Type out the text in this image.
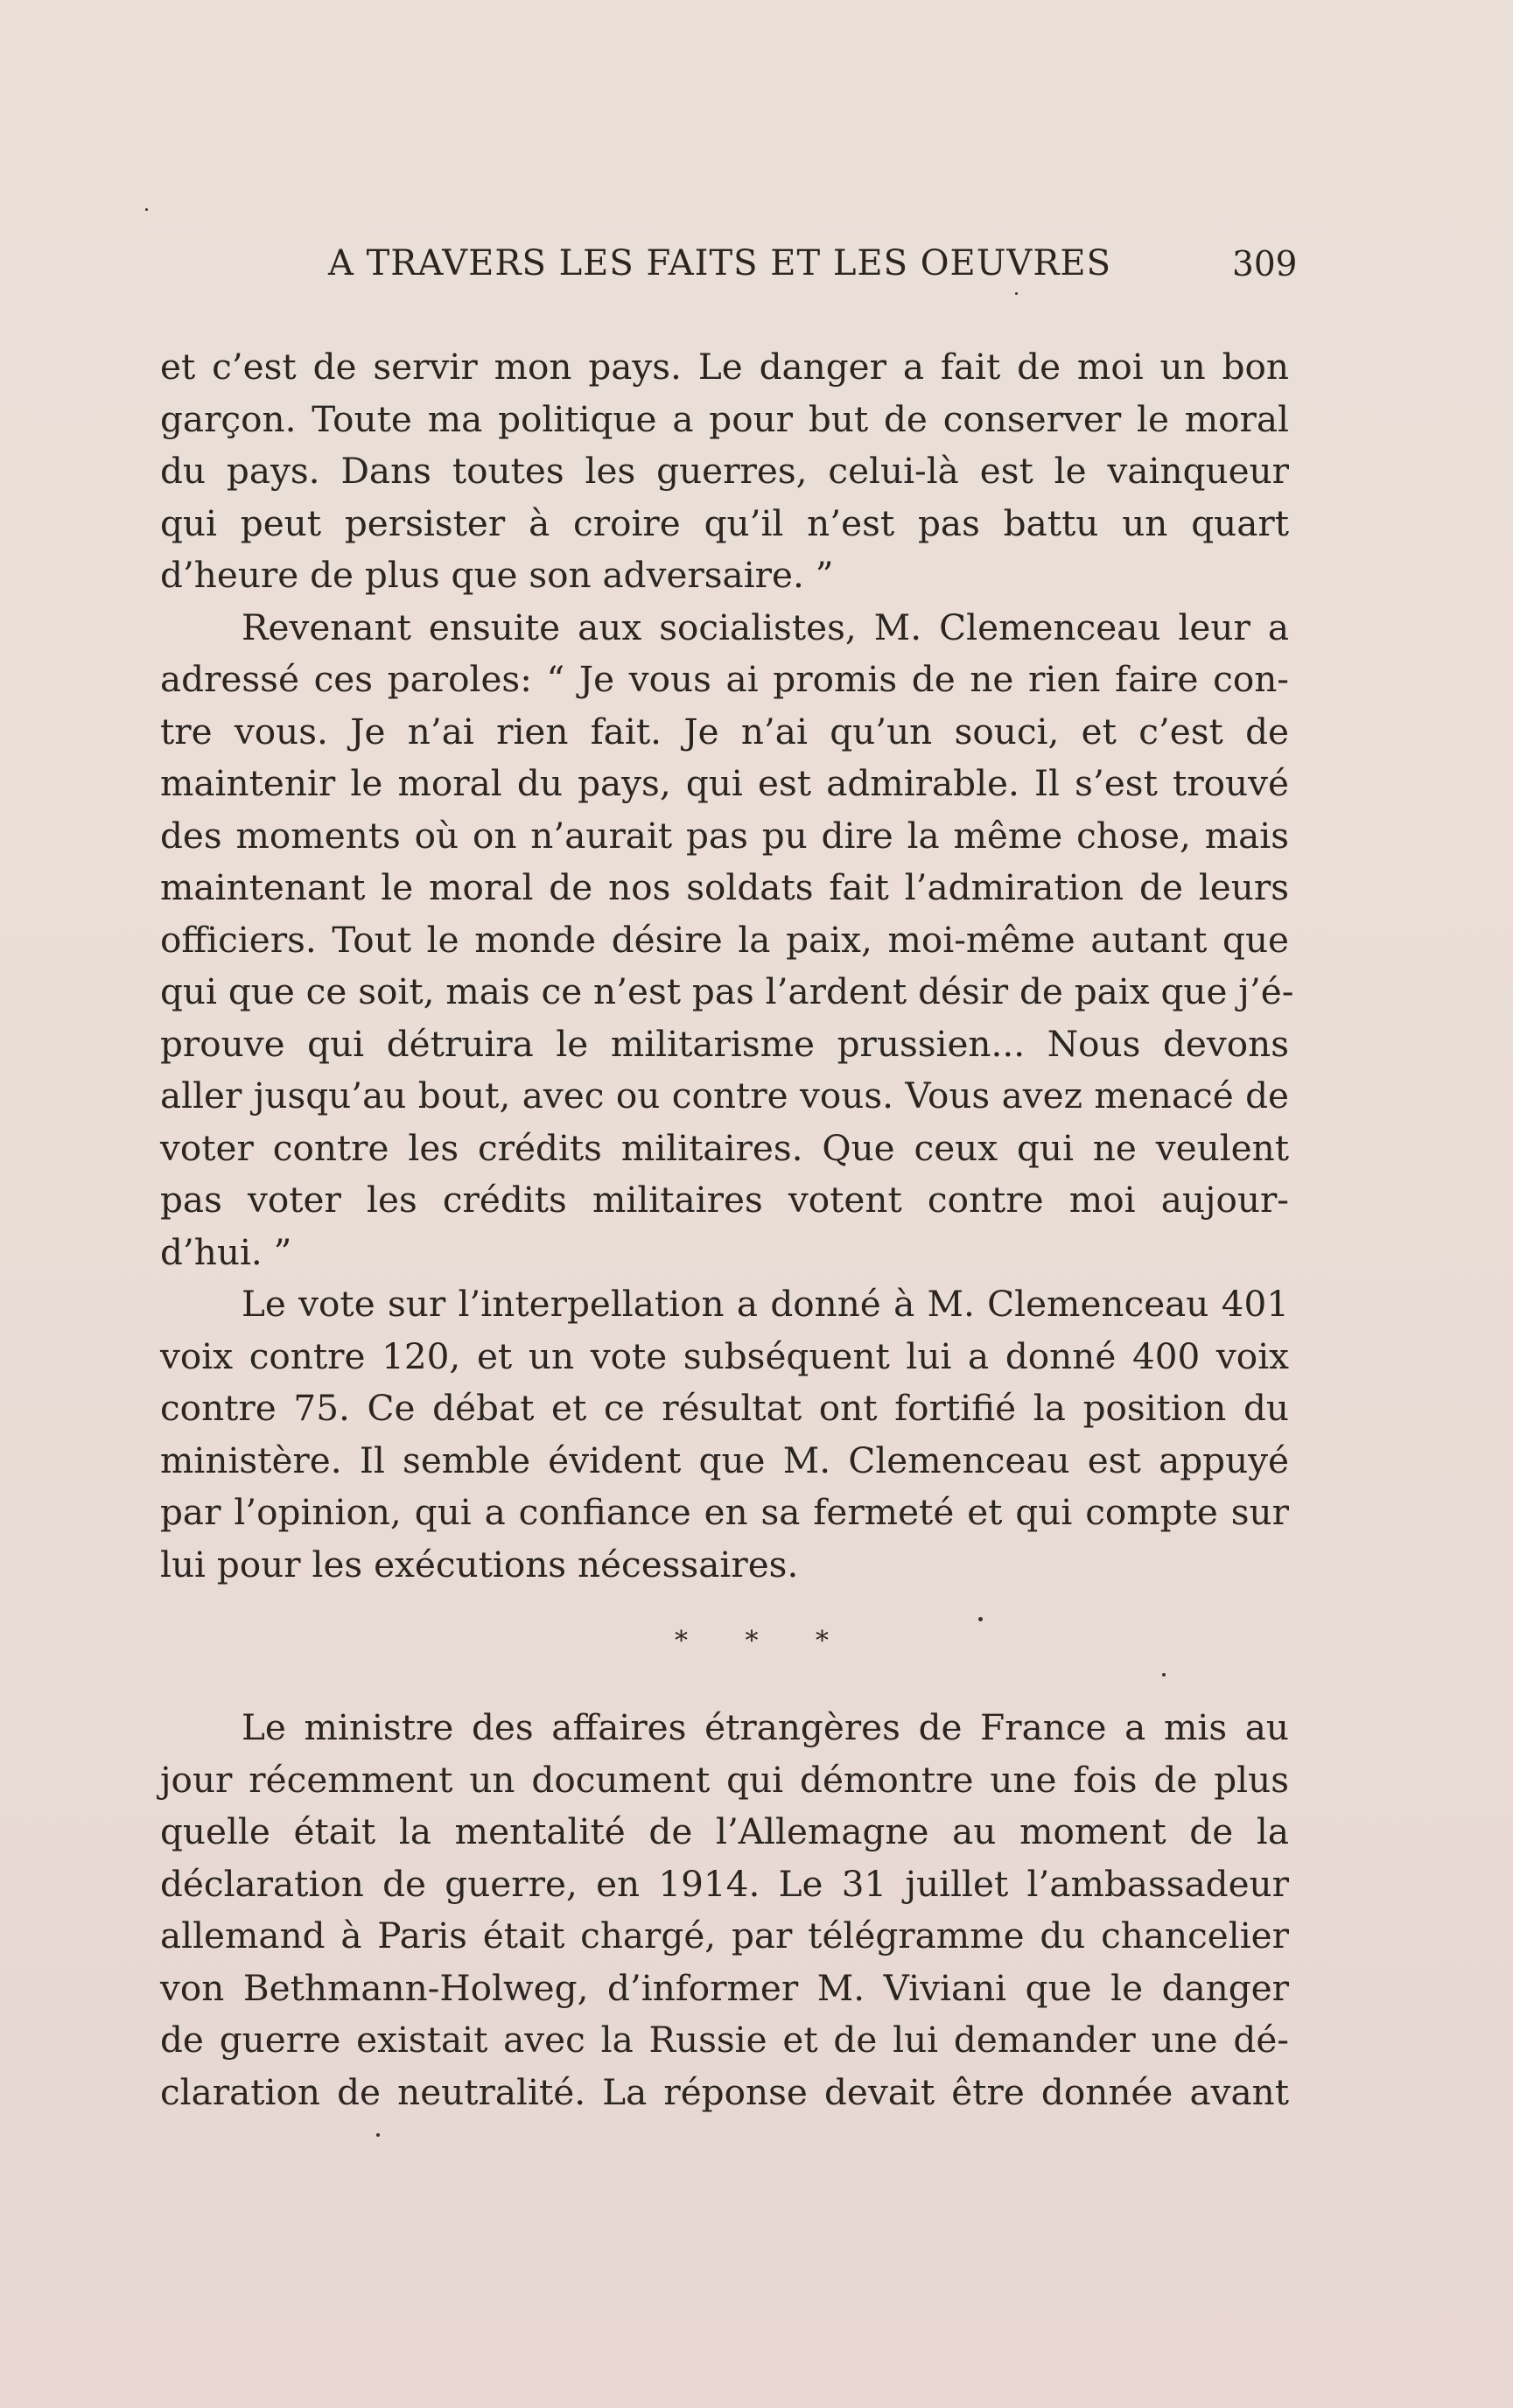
A TRAVERS LES FAITS ET LES OEUVRES	309

et c’est de servir mon pays. Le danger a fait de moi un bon
garçon. Toute ma politique a pour but de conserver le moral
du pays. Dans toutes les guerres, celui-là est le vainqueur
qui peut persister à croire qu’il n’est pas battu un quart
d’heure de plus que son adversaire. ”

Revenant ensuite aux socialistes, M. Clemenceau leur a
adressé ces paroles: “ Je vous ai promis de ne rien faire con-
tre vous. Je n’ai rien fait. Je n’ai qu’un souci, et c’est de
maintenir le moral du pays, qui est admirable. Il s’est trouvé
des moments où on n’aurait pas pu dire la même chose, mais
maintenant le moral de nos soldats fait l’admiration de leurs
officiers. Tout le monde désire la paix, moi-même autant que
qui que ce soit, mais ce n’est pas l’ardent désir de paix que j’é-
prouve qui détruira le militarisme prussien... Nous devons
aller jusqu’au bout, avec ou contre vous. Vous avez menacé de
voter contre les crédits militaires. Que ceux qui ne veulent
pas voter les crédits militaires votent contre moi aujour-
d’hui. ”

Le vote sur l’interpellation a donné à M. Clemenceau 401
voix contre 120, et un vote subséquent lui a donné 400 voix
contre 75. Ce débat et ce résultat ont fortifié la position du
ministère. Il semble évident que M. Clemenceau est appuyé
par l’opinion, qui a confiance en sa fermeté et qui compte sur
lui pour les exécutions nécessaires.

* * *

Le ministre des affaires étrangères de France a mis au
jour récemment un document qui démontre une fois de plus
quelle était la mentalité de l’Allemagne au moment de la
déclaration de guerre, en 1914. Le 31 juillet l’ambassadeur
allemand à Paris était chargé, par télégramme du chancelier
von Bethmann-Holweg, d’informer M. Viviani que le danger
de guerre existait avec la Russie et de lui demander une dé-
claration de neutralité. La réponse devait être donnée avant
